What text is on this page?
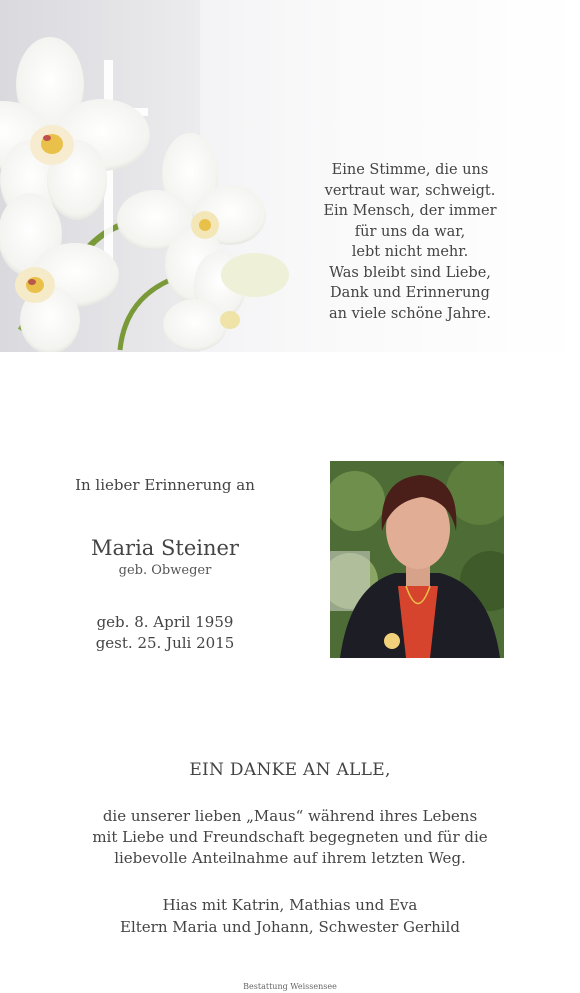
Eine Stimme, die uns
vertraut war, schweigt.
Ein Mensch, der immer
für uns da war,
lebt nicht mehr.
Was bleibt sind Liebe,
Dank und Erinnerung
an viele schöne Jahre.
In lieber Erinnerung an
Maria Steiner
geb. Obweger
geb. 8. April 1959
gest. 25. Juli 2015
EIN DANKE AN ALLE,
die unserer lieben „Maus“ während ihres Lebens
mit Liebe und Freundschaft begegneten und für die
liebevolle Anteilnahme auf ihrem letzten Weg.
Hias mit Katrin, Mathias und Eva
Eltern Maria und Johann, Schwester Gerhild
Bestattung Weissensee
